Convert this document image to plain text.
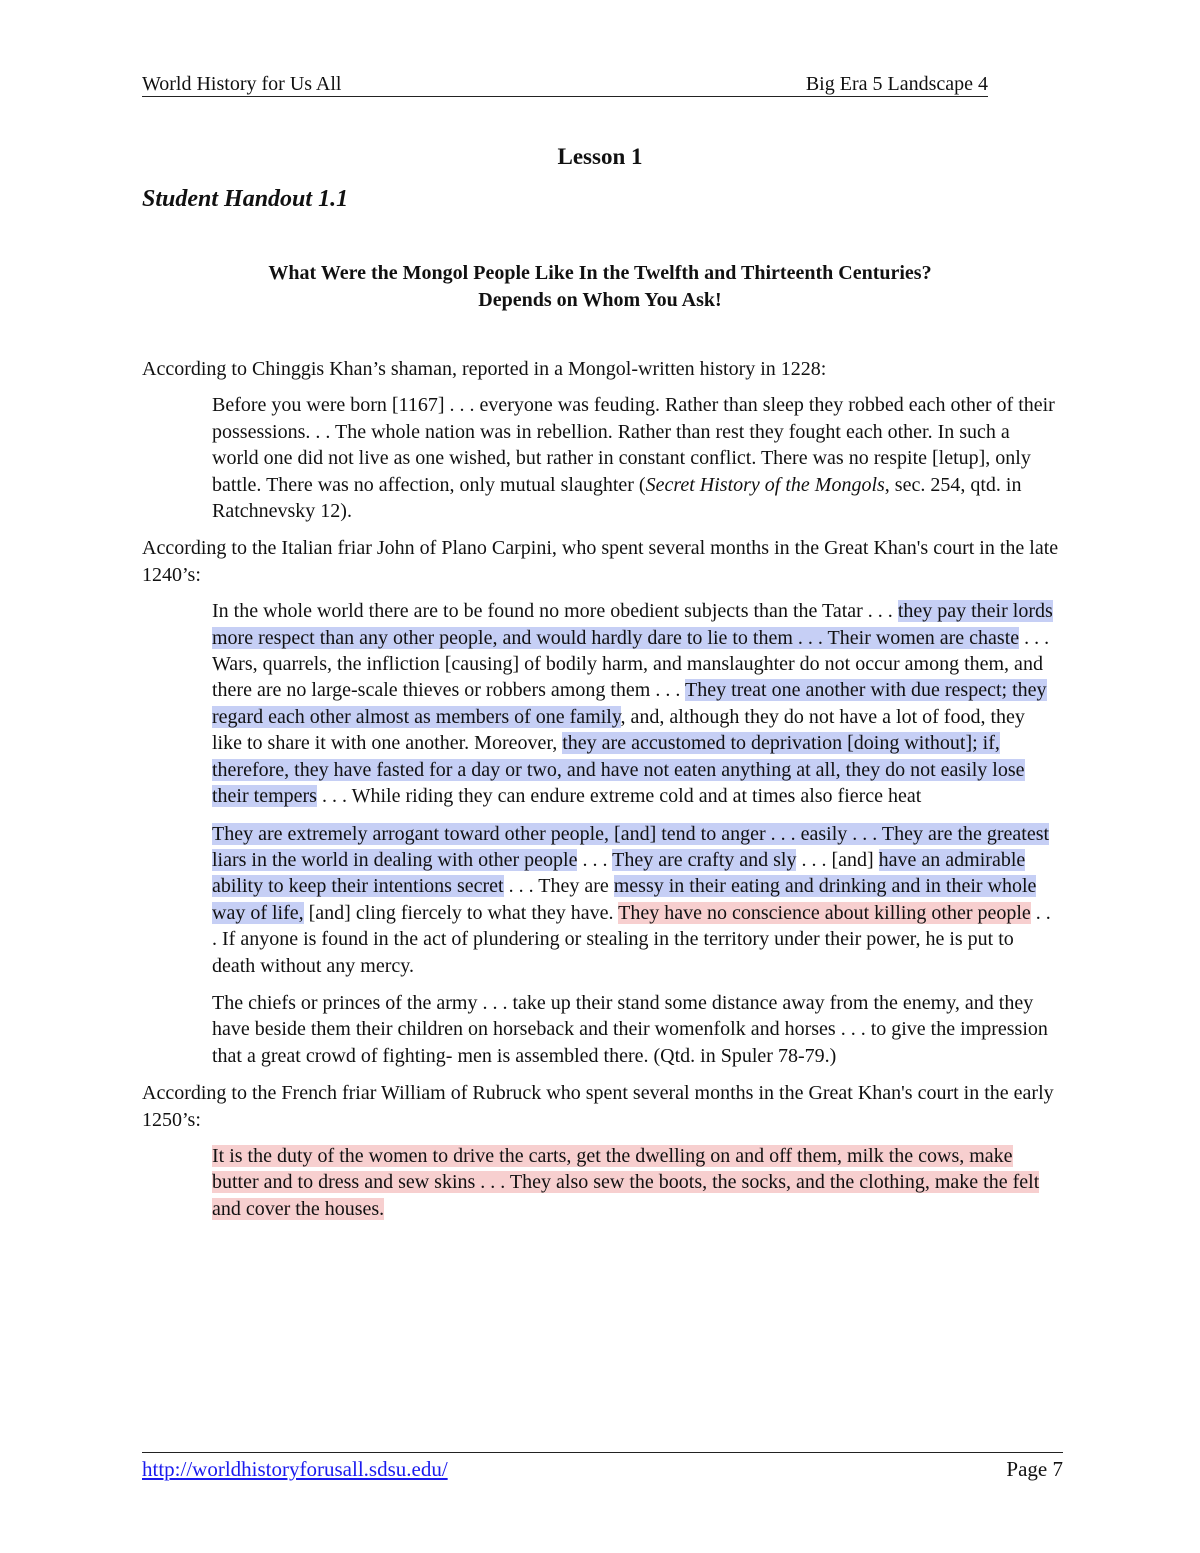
World History for Us All	Big Era 5 Landscape 4
Lesson 1
Student Handout 1.1
What Were the Mongol People Like In the Twelfth and Thirteenth Centuries?
Depends on Whom You Ask!

According to Chinggis Khan’s shaman, reported in a Mongol-written history in 1228:

Before you were born [1167] . . . everyone was feuding. Rather than sleep they robbed each other of their possessions. . . The whole nation was in rebellion. Rather than rest they fought each other. In such a world one did not live as one wished, but rather in constant conflict. There was no respite [letup], only battle. There was no affection, only mutual slaughter (Secret History of the Mongols, sec. 254, qtd. in Ratchnevsky 12).

According to the Italian friar John of Plano Carpini, who spent several months in the Great Khan's court in the late 1240’s:

In the whole world there are to be found no more obedient subjects than the Tatar . . . they pay their lords more respect than any other people, and would hardly dare to lie to them . . . Their women are chaste . . . Wars, quarrels, the infliction [causing] of bodily harm, and manslaughter do not occur among them, and there are no large-scale thieves or robbers among them . . . They treat one another with due respect; they regard each other almost as members of one family, and, although they do not have a lot of food, they like to share it with one another. Moreover, they are accustomed to deprivation [doing without]; if, therefore, they have fasted for a day or two, and have not eaten anything at all, they do not easily lose their tempers . . . While riding they can endure extreme cold and at times also fierce heat

They are extremely arrogant toward other people, [and] tend to anger . . . easily . . . They are the greatest liars in the world in dealing with other people . . . They are crafty and sly . . . [and] have an admirable ability to keep their intentions secret . . . They are messy in their eating and drinking and in their whole way of life, [and] cling fiercely to what they have. They have no conscience about killing other people . . . If anyone is found in the act of plundering or stealing in the territory under their power, he is put to death without any mercy.

The chiefs or princes of the army . . . take up their stand some distance away from the enemy, and they have beside them their children on horseback and their womenfolk and horses . . . to give the impression that a great crowd of fighting- men is assembled there. (Qtd. in Spuler 78-79.)

According to the French friar William of Rubruck who spent several months in the Great Khan's court in the early 1250’s:

It is the duty of the women to drive the carts, get the dwelling on and off them, milk the cows, make butter and to dress and sew skins . . . They also sew the boots, the socks, and the clothing, make the felt and cover the houses.

http://worldhistoryforusall.sdsu.edu/	Page 7
